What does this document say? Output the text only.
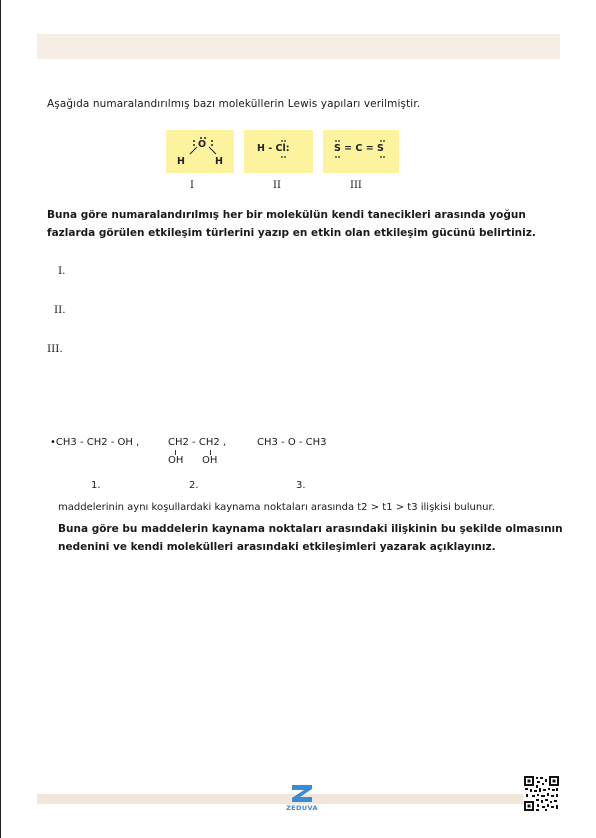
Aşağıda numaralandırılmış bazı moleküllerin Lewis yapıları verilmiştir.
O
H	H
H - Cl:	S = C = S
I	II	III
Buna göre numaralandırılmış her bir molekülün kendi tanecikleri arasında yoğun fazlarda görülen etkileşim türlerini yazıp en etkin olan etkileşim gücünü belirtiniz.
I.
II.
III.
•CH3 - CH2 - OH ,	CH2 - CH2 ,
OH OH
CH3 - O - CH3
1.	2.	3.
maddelerinin aynı koşullardaki kaynama noktaları arasında t2 > t1 > t3 ilişkisi bulunur.
Buna göre bu maddelerin kaynama noktaları arasındaki ilişkinin bu şekilde olmasının nedenini ve kendi molekülleri arasındaki etkileşimleri yazarak açıklayınız.
ZEDUVA
